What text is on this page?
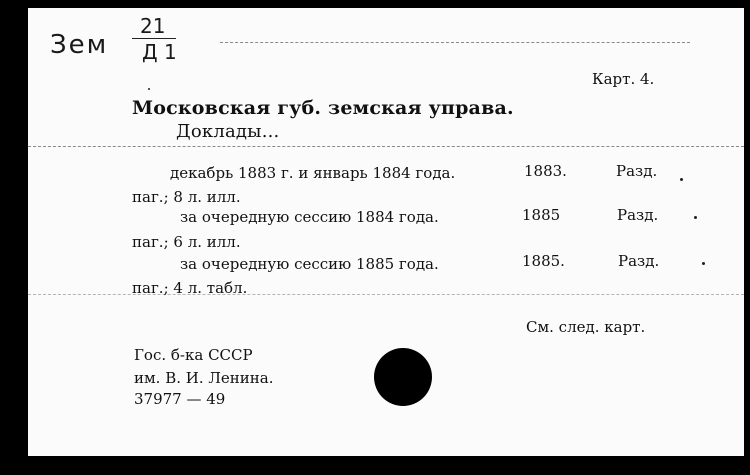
Зем
21
Д 1
Карт. 4.
Московская губ. земская управа.
Доклады...
декабрь 1883 г. и январь 1884 года.	1883.	Разд.
паг.; 8 л. илл.
за очередную сессию 1884 года.	1885	Разд.
паг.; 6 л. илл.
за очередную сессию 1885 года.	1885.	Разд.
паг.; 4 л. табл.
См. след. карт.
Гос. б-ка СССР
им. В. И. Ленина.
37977 — 49
